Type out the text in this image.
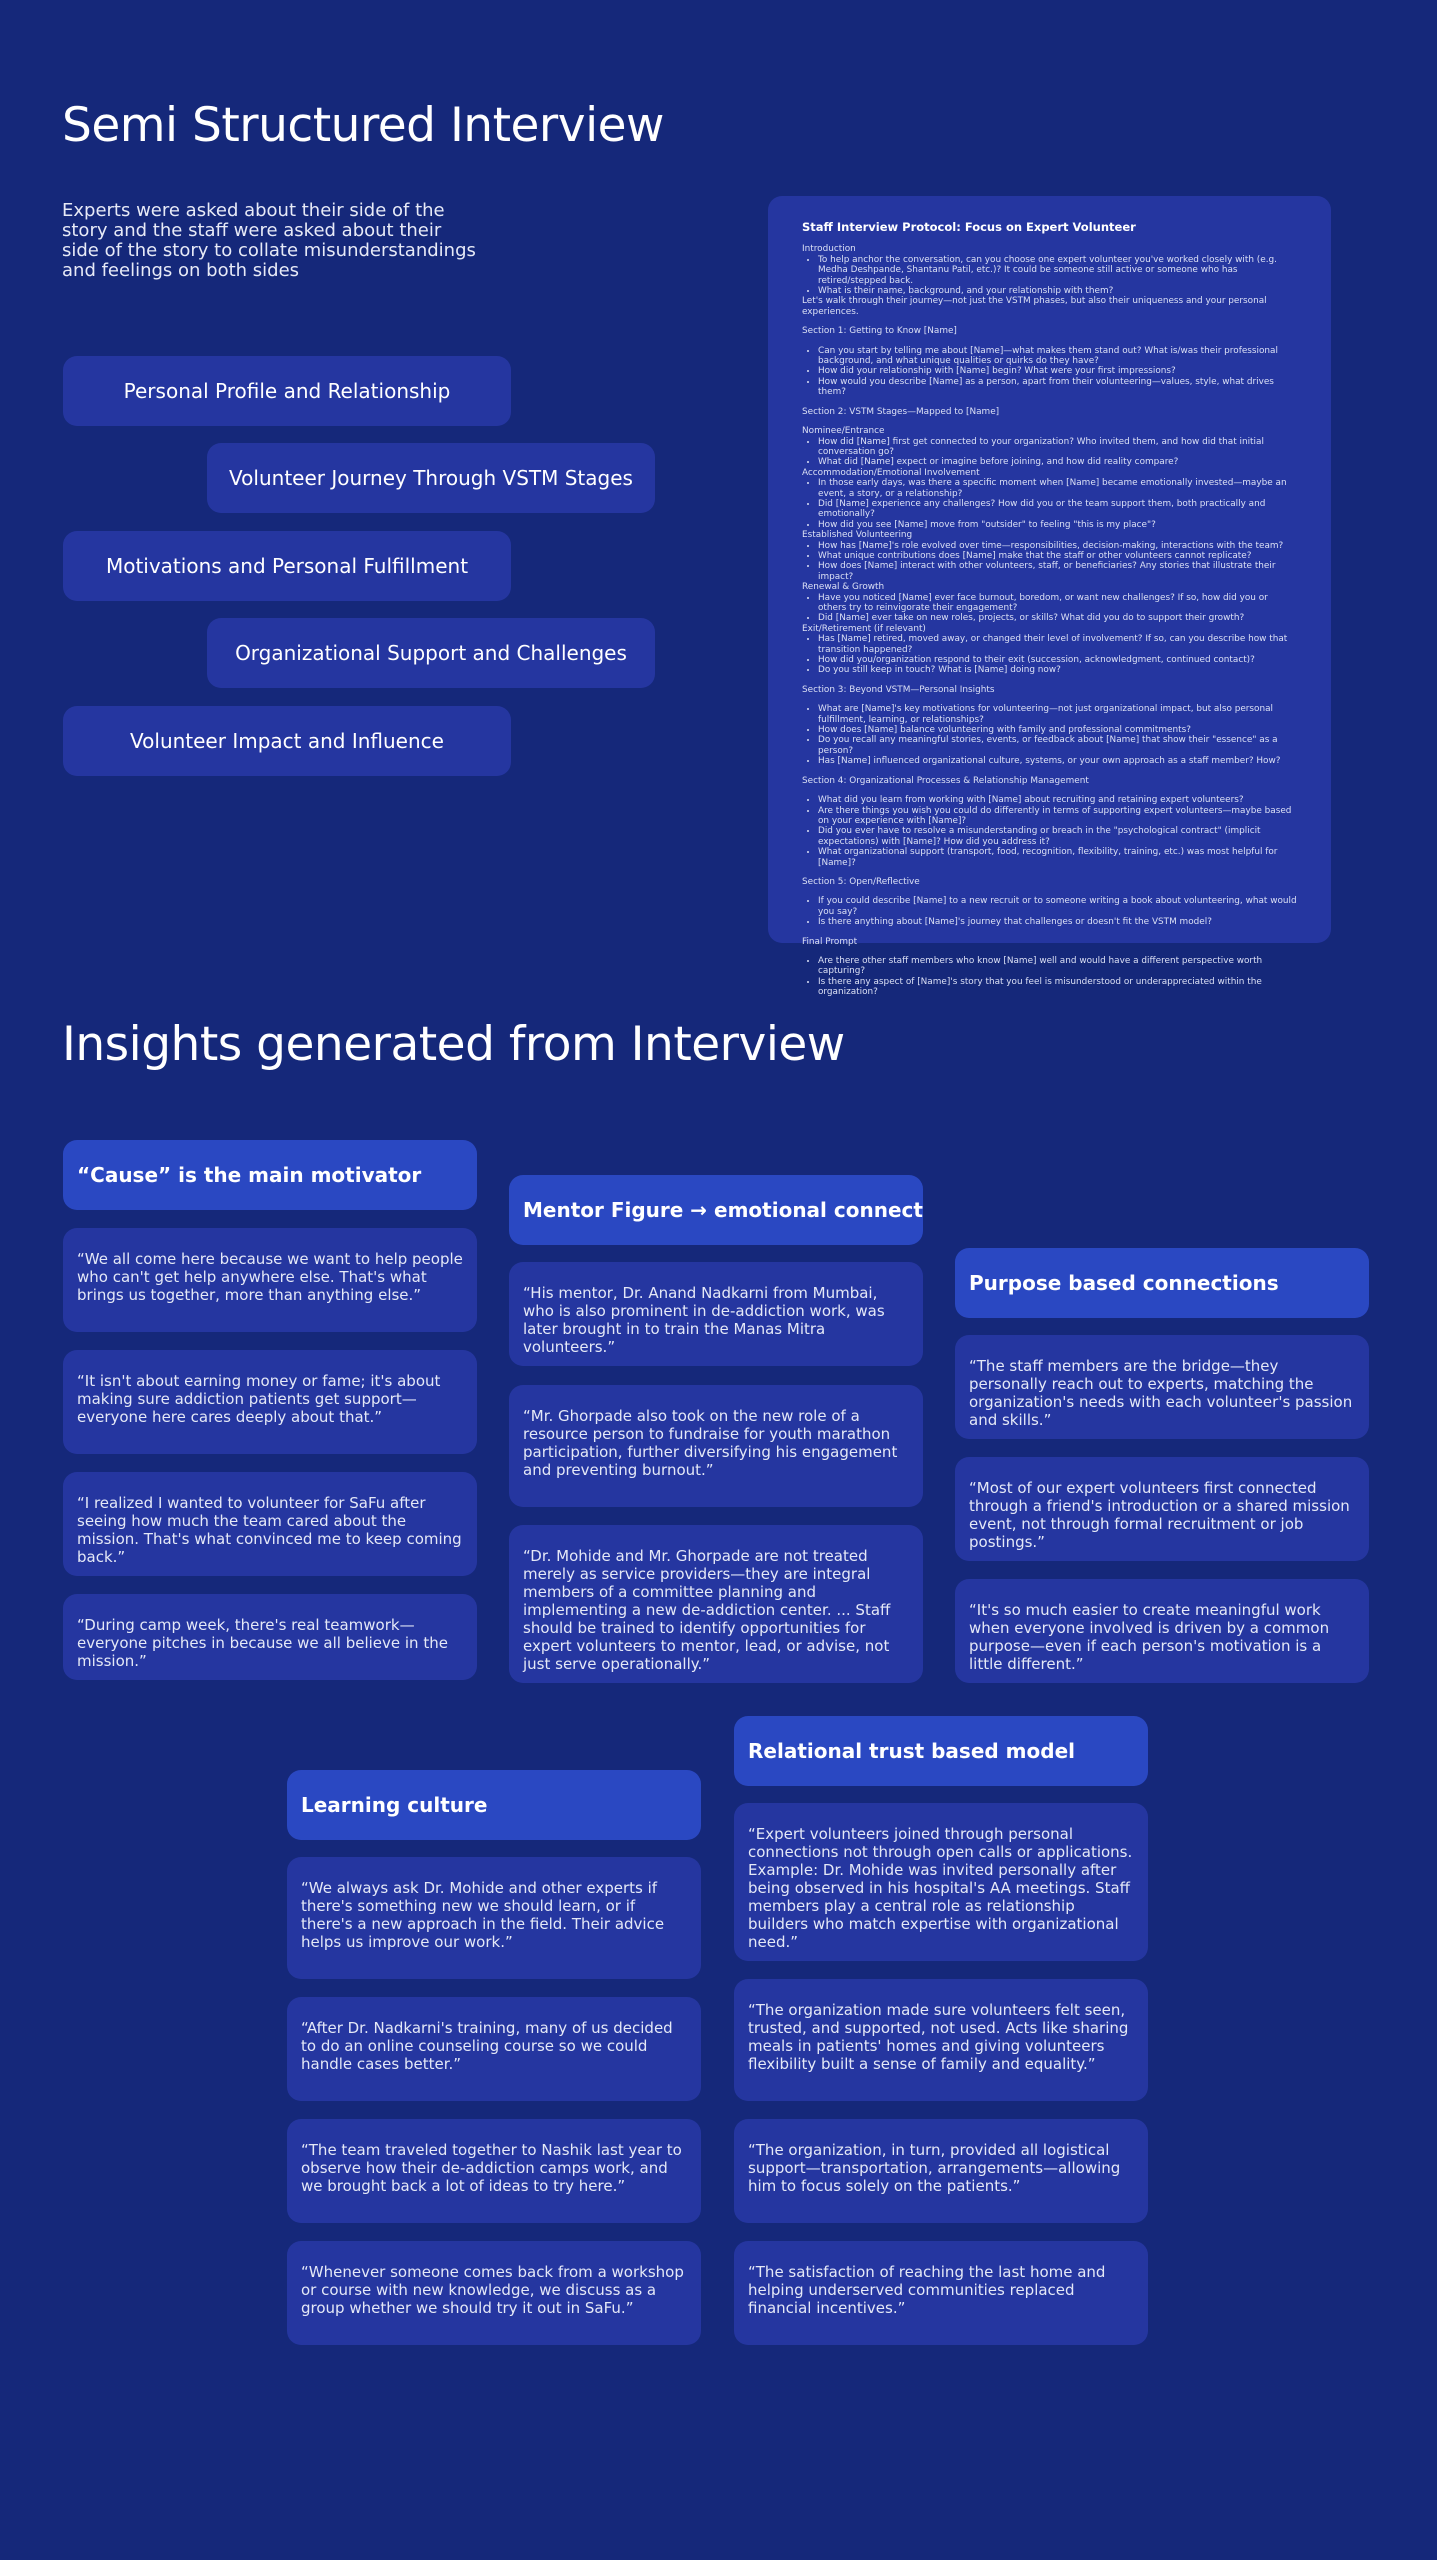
Semi Structured Interview
Experts were asked about their side of the story and the staff were asked about their side of the story to collate misunderstandings and feelings on both sides
Personal Profile and Relationship
Volunteer Journey Through VSTM Stages
Motivations and Personal Fulfillment
Organizational Support and Challenges
Volunteer Impact and Influence
Staff Interview Protocol: Focus on Expert Volunteer
Introduction
• To help anchor the conversation, can you choose one expert volunteer you've worked closely with (e.g. Medha Deshpande, Shantanu Patil, etc.)? It could be someone still active or someone who has retired/stepped back.
• What is their name, background, and your relationship with them?
Let's walk through their journey—not just the VSTM phases, but also their uniqueness and your personal experiences.
Section 1: Getting to Know [Name]
• Can you start by telling me about [Name]—what makes them stand out? What is/was their professional background, and what unique qualities or quirks do they have?
• How did your relationship with [Name] begin? What were your first impressions?
• How would you describe [Name] as a person, apart from their volunteering—values, style, what drives them?
Section 2: VSTM Stages—Mapped to [Name]
Nominee/Entrance
• How did [Name] first get connected to your organization? Who invited them, and how did that initial conversation go?
• What did [Name] expect or imagine before joining, and how did reality compare?
Accommodation/Emotional Involvement
• In those early days, was there a specific moment when [Name] became emotionally invested—maybe an event, a story, or a relationship?
• Did [Name] experience any challenges? How did you or the team support them, both practically and emotionally?
• How did you see [Name] move from "outsider" to feeling "this is my place"?
Established Volunteering
• How has [Name]'s role evolved over time—responsibilities, decision-making, interactions with the team?
• What unique contributions does [Name] make that the staff or other volunteers cannot replicate?
• How does [Name] interact with other volunteers, staff, or beneficiaries? Any stories that illustrate their impact?
Renewal & Growth
• Have you noticed [Name] ever face burnout, boredom, or want new challenges? If so, how did you or others try to reinvigorate their engagement?
• Did [Name] ever take on new roles, projects, or skills? What did you do to support their growth?
Exit/Retirement (if relevant)
• Has [Name] retired, moved away, or changed their level of involvement? If so, can you describe how that transition happened?
• How did you/organization respond to their exit (succession, acknowledgment, continued contact)?
• Do you still keep in touch? What is [Name] doing now?
Section 3: Beyond VSTM—Personal Insights
• What are [Name]'s key motivations for volunteering—not just organizational impact, but also personal fulfillment, learning, or relationships?
• How does [Name] balance volunteering with family and professional commitments?
• Do you recall any meaningful stories, events, or feedback about [Name] that show their "essence" as a person?
• Has [Name] influenced organizational culture, systems, or your own approach as a staff member? How?
Section 4: Organizational Processes & Relationship Management
• What did you learn from working with [Name] about recruiting and retaining expert volunteers?
• Are there things you wish you could do differently in terms of supporting expert volunteers—maybe based on your experience with [Name]?
• Did you ever have to resolve a misunderstanding or breach in the "psychological contract" (implicit expectations) with [Name]? How did you address it?
• What organizational support (transport, food, recognition, flexibility, training, etc.) was most helpful for [Name]?
Section 5: Open/Reflective
• If you could describe [Name] to a new recruit or to someone writing a book about volunteering, what would you say?
• Is there anything about [Name]'s journey that challenges or doesn't fit the VSTM model?
Final Prompt
• Are there other staff members who know [Name] well and would have a different perspective worth capturing?
• Is there any aspect of [Name]'s story that you feel is misunderstood or underappreciated within the organization?
Insights generated from Interview
“Cause” is the main motivator
“We all come here because we want to help people who can't get help anywhere else. That's what brings us together, more than anything else.”
“It isn't about earning money or fame; it's about making sure addiction patients get support—everyone here cares deeply about that.”
“I realized I wanted to volunteer for SaFu after seeing how much the team cared about the mission. That's what convinced me to keep coming back.”
“During camp week, there's real teamwork—everyone pitches in because we all believe in the mission.”
Mentor Figure → emotional connect
“His mentor, Dr. Anand Nadkarni from Mumbai, who is also prominent in de-addiction work, was later brought in to train the Manas Mitra volunteers.”
“Mr. Ghorpade also took on the new role of a resource person to fundraise for youth marathon participation, further diversifying his engagement and preventing burnout.”
“Dr. Mohide and Mr. Ghorpade are not treated merely as service providers—they are integral members of a committee planning and implementing a new de-addiction center. ... Staff should be trained to identify opportunities for expert volunteers to mentor, lead, or advise, not just serve operationally.”
Purpose based connections
“The staff members are the bridge—they personally reach out to experts, matching the organization's needs with each volunteer's passion and skills.”
“Most of our expert volunteers first connected through a friend's introduction or a shared mission event, not through formal recruitment or job postings.”
“It's so much easier to create meaningful work when everyone involved is driven by a common purpose—even if each person's motivation is a little different.”
Learning culture
“We always ask Dr. Mohide and other experts if there's something new we should learn, or if there's a new approach in the field. Their advice helps us improve our work.”
“After Dr. Nadkarni's training, many of us decided to do an online counseling course so we could handle cases better.”
“The team traveled together to Nashik last year to observe how their de-addiction camps work, and we brought back a lot of ideas to try here.”
“Whenever someone comes back from a workshop or course with new knowledge, we discuss as a group whether we should try it out in SaFu.”
Relational trust based model
“Expert volunteers joined through personal connections not through open calls or applications. Example: Dr. Mohide was invited personally after being observed in his hospital's AA meetings. Staff members play a central role as relationship builders who match expertise with organizational need.”
“The organization made sure volunteers felt seen, trusted, and supported, not used. Acts like sharing meals in patients' homes and giving volunteers flexibility built a sense of family and equality.”
“The organization, in turn, provided all logistical support—transportation, arrangements—allowing him to focus solely on the patients.”
“The satisfaction of reaching the last home and helping underserved communities replaced financial incentives.”
